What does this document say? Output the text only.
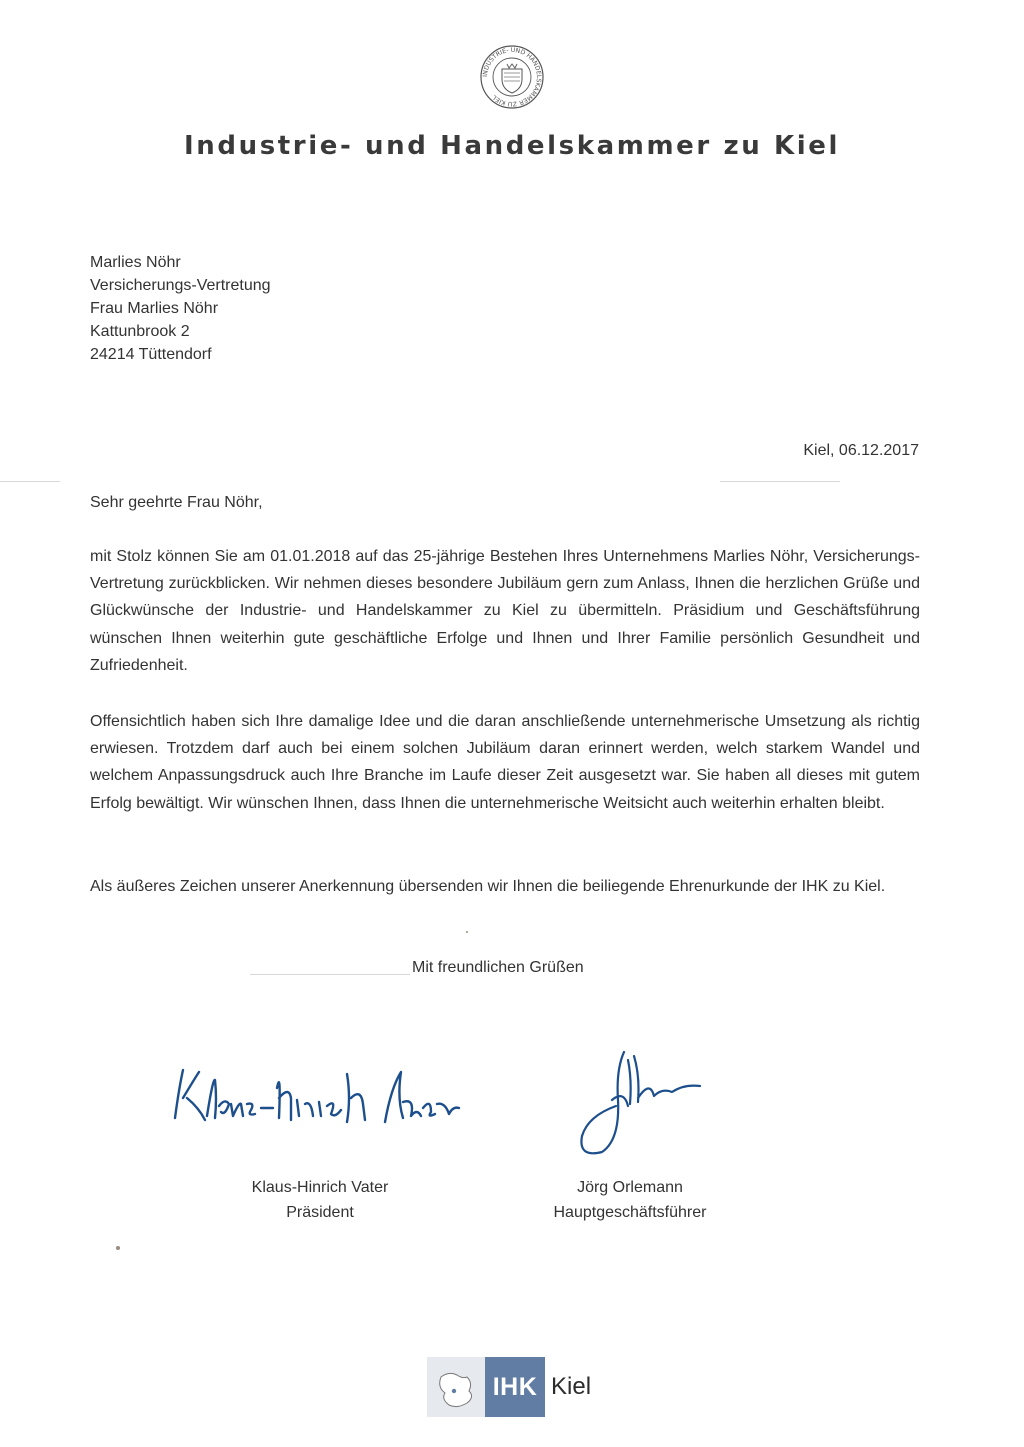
INDUSTRIE- UND HANDELSKAMMER ZU KIEL
Industrie- und Handelskammer zu Kiel
Marlies Nöhr
Versicherungs-Vertretung
Frau Marlies Nöhr
Kattunbrook 2
24214 Tüttendorf
Kiel, 06.12.2017
Sehr geehrte Frau Nöhr,

mit Stolz können Sie am 01.01.2018 auf das 25-jährige Bestehen Ihres Unternehmens Marlies Nöhr, Versicherungs-Vertretung zurückblicken. Wir nehmen dieses besondere Jubiläum gern zum Anlass, Ihnen die herzlichen Grüße und Glückwünsche der Industrie- und Handelskammer zu Kiel zu übermitteln. Präsidium und Geschäftsführung wünschen Ihnen weiterhin gute geschäftliche Erfolge und Ihnen und Ihrer Familie persönlich Gesundheit und Zufriedenheit.

Offensichtlich haben sich Ihre damalige Idee und die daran anschließende unternehmerische Umsetzung als richtig erwiesen. Trotzdem darf auch bei einem solchen Jubiläum daran erinnert werden, welch starkem Wandel und welchem Anpassungsdruck auch Ihre Branche im Laufe dieser Zeit ausgesetzt war. Sie haben all dieses mit gutem Erfolg bewältigt. Wir wünschen Ihnen, dass Ihnen die unternehmerische Weitsicht auch weiterhin erhalten bleibt.

Als äußeres Zeichen unserer Anerkennung übersenden wir Ihnen die beiliegende Ehrenurkunde der IHK zu Kiel.

Mit freundlichen Grüßen
Klaus-Hinrich Vater
Präsident
Jörg Orlemann
Hauptgeschäftsführer
IHK Kiel
